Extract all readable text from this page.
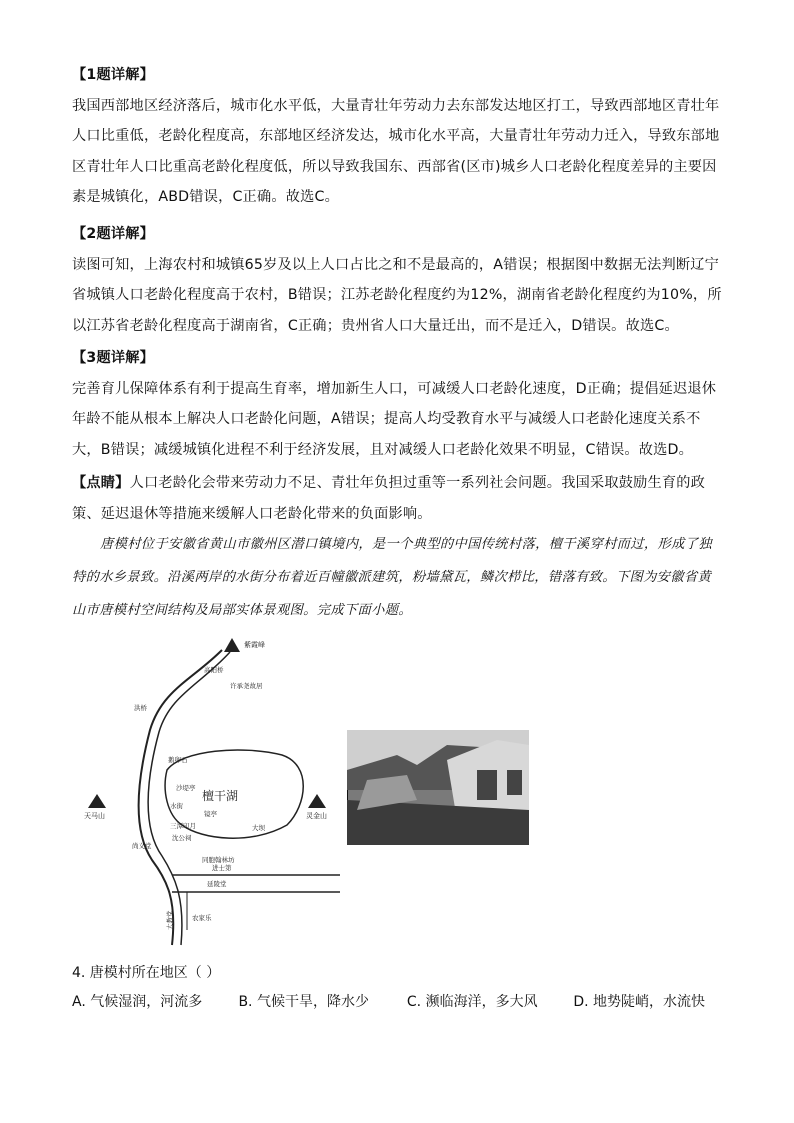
【1题详解】
我国西部地区经济落后，城市化水平低，大量青壮年劳动力去东部发达地区打工，导致西部地区青壮年人口比重低，老龄化程度高，东部地区经济发达，城市化水平高，大量青壮年劳动力迁入，导致东部地区青壮年人口比重高老龄化程度低，所以导致我国东、西部省(区市)城乡人口老龄化程度差异的主要因素是城镇化，ABD错误，C正确。故选C。
【2题详解】
读图可知，上海农村和城镇65岁及以上人口占比之和不是最高的，A错误；根据图中数据无法判断辽宁省城镇人口老龄化程度高于农村，B错误；江苏老龄化程度约为12%，湖南省老龄化程度约为10%，所以江苏省老龄化程度高于湖南省，C正确；贵州省人口大量迁出，而不是迁入，D错误。故选C。
【3题详解】
完善育儿保障体系有利于提高生育率，增加新生人口，可减缓人口老龄化速度，D正确；提倡延迟退休年龄不能从根本上解决人口老龄化问题，A错误；提高人均受教育水平与减缓人口老龄化速度关系不大，B错误；减缓城镇化进程不利于经济发展，且对减缓人口老龄化效果不明显，C错误。故选D。
【点睛】人口老龄化会带来劳动力不足、青壮年负担过重等一系列社会问题。我国采取鼓励生育的政策、延迟退休等措施来缓解人口老龄化带来的负面影响。
唐模村位于安徽省黄山市徽州区潜口镇境内，是一个典型的中国传统村落，檀干溪穿村而过，形成了独特的水乡景致。沿溪两岸的水街分布着近百幢徽派建筑，粉墙黛瓦，鳞次栉比，错落有致。下图为安徽省黄山市唐模村空间结构及局部实体景观图。完成下面小题。
檀干湖
紫霞峰
天马山	灵金山
高阳桥
洪桥
许承尧故居
鹅卵石
镜亭
三潭印月
沈公祠
水街
同胞翰林坊
尚义堂
沙堤亭
大坝
延陵堂
进士第
农家乐
大教堂
4. 唐模村所在地区（ ）
A. 气候湿润，河流多	B. 气候干旱，降水少	C. 濒临海洋，多大风	D. 地势陡峭，水流快
